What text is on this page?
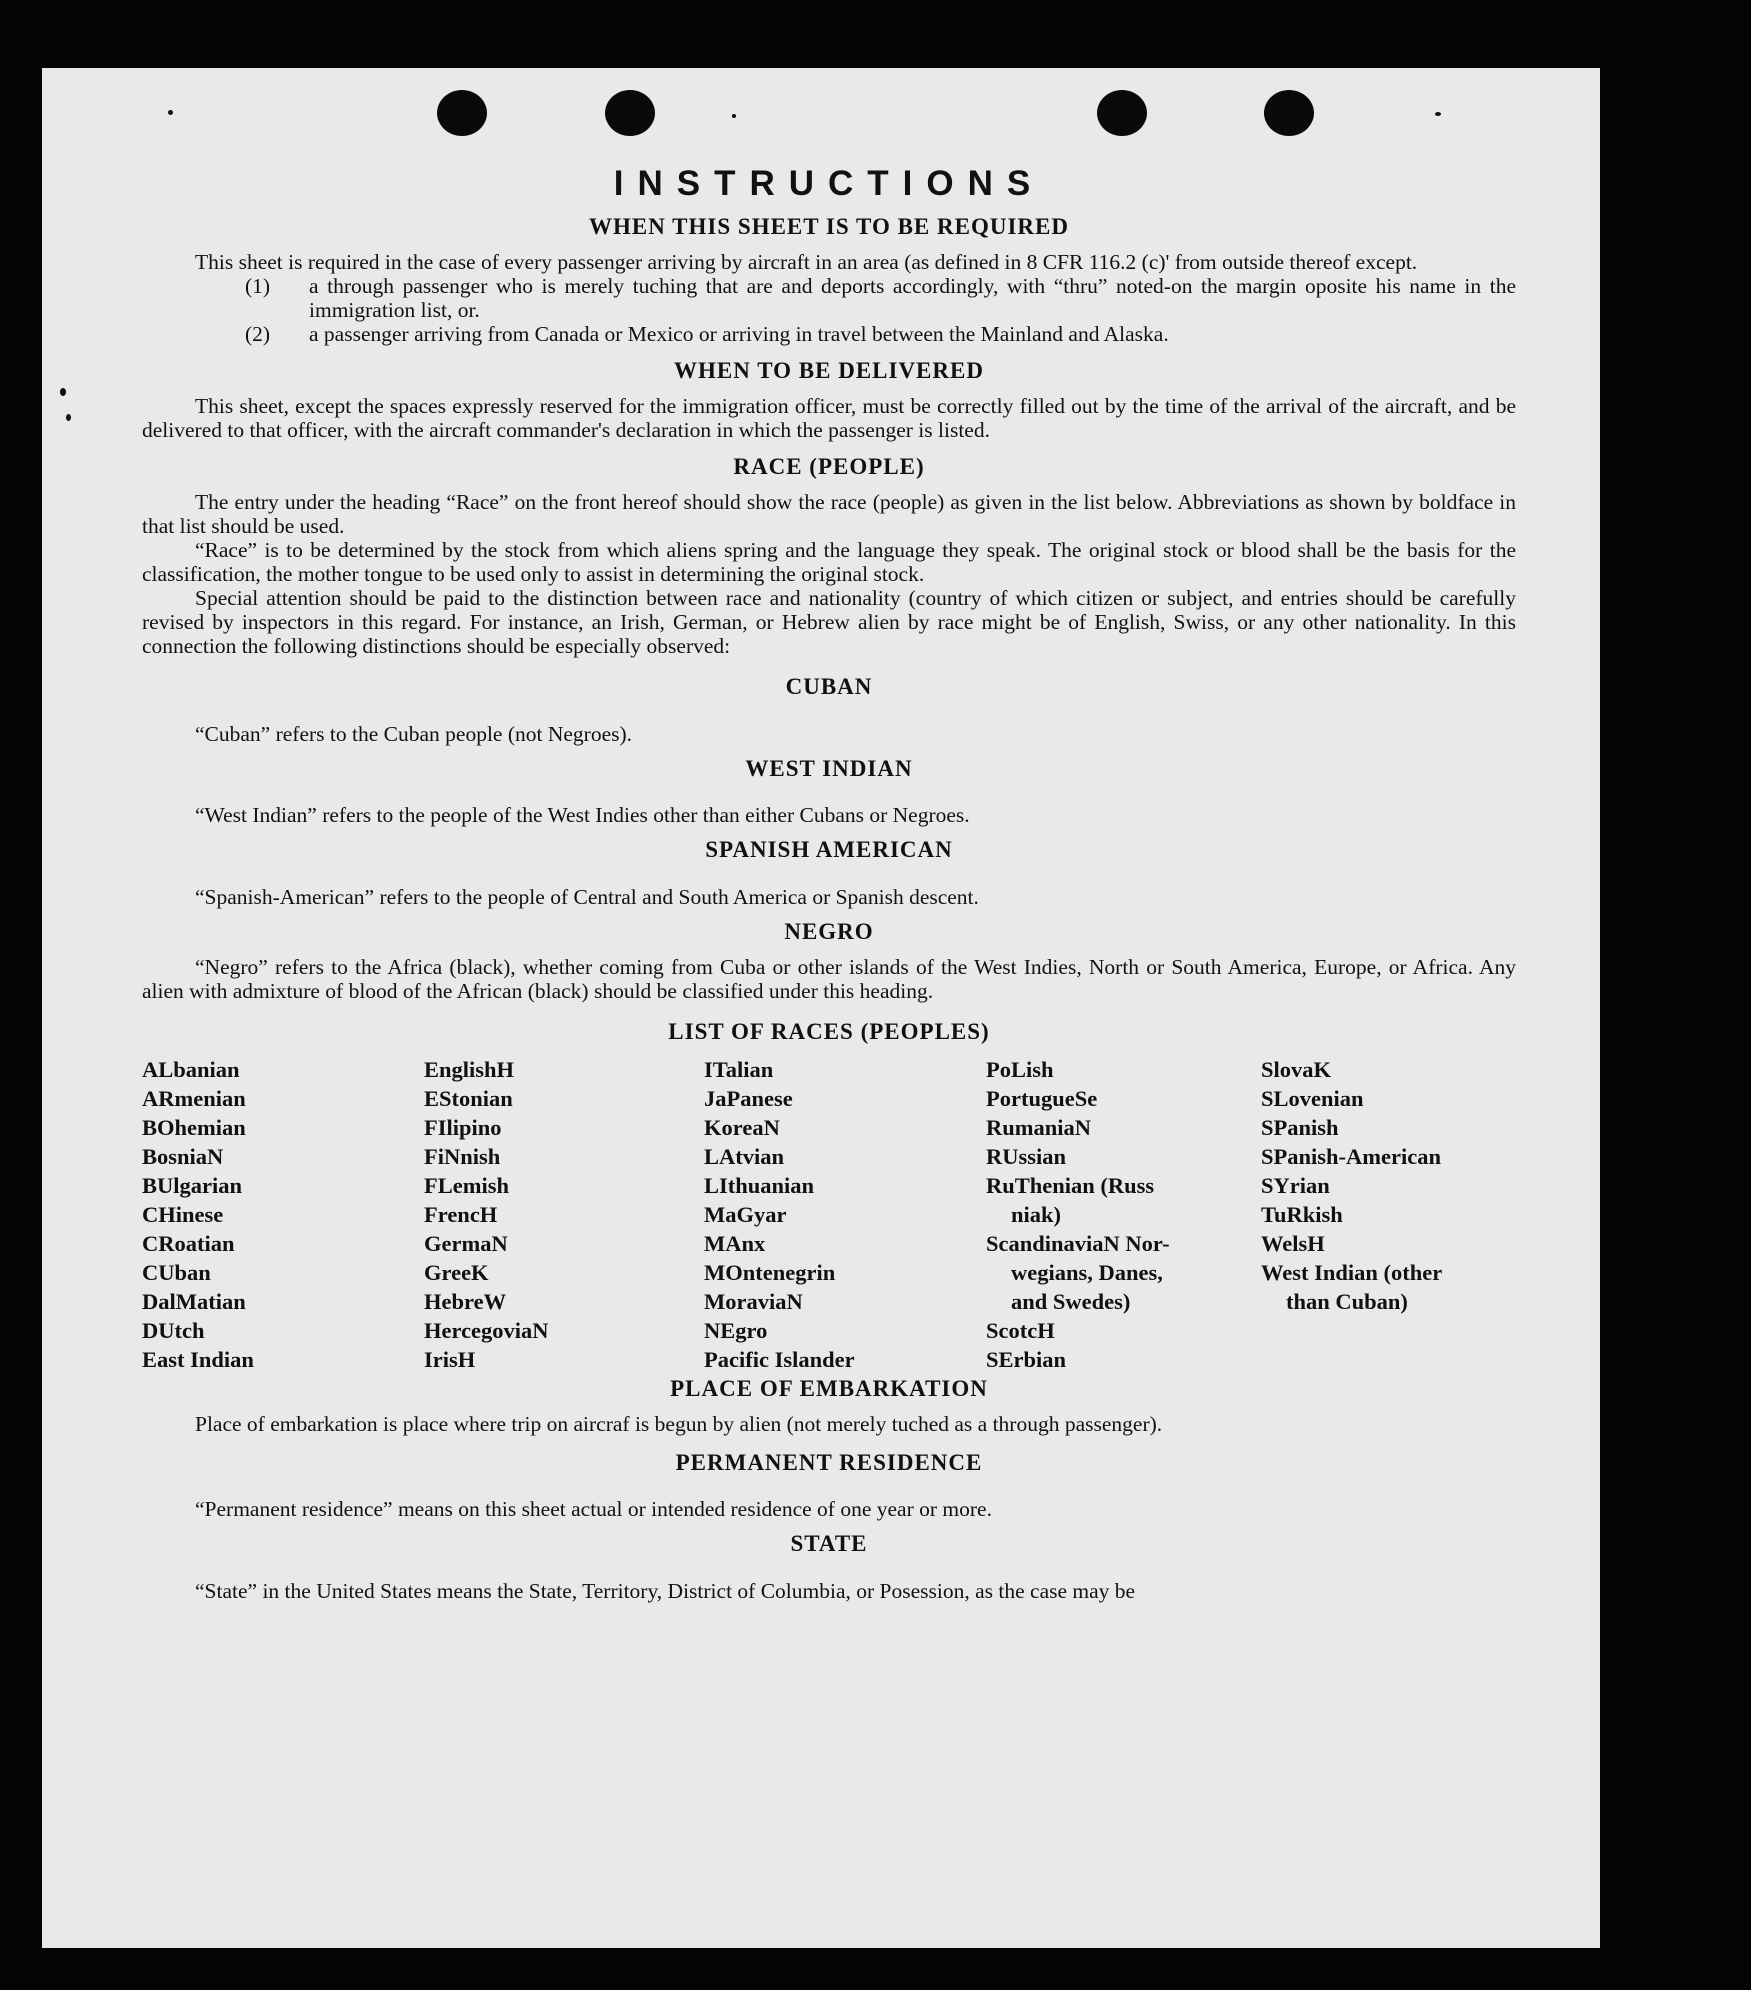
INSTRUCTIONS
WHEN THIS SHEET IS TO BE REQUIRED

This sheet is required in the case of every passenger arriving by aircraft in an area (as defined in 8 CFR 116.2 (c)' from outside thereof except.

(1)	a through passenger who is merely tuching that are and deports accordingly, with “thru” noted-on the margin oposite his name in the immigration list, or.
(2)	a passenger arriving from Canada or Mexico or arriving in travel between the Mainland and Alaska.
WHEN TO BE DELIVERED

This sheet, except the spaces expressly reserved for the immigration officer, must be correctly filled out by the time of the arrival of the aircraft, and be delivered to that officer, with the aircraft commander's declaration in which the passenger is listed.

RACE (PEOPLE)

The entry under the heading “Race” on the front hereof should show the race (people) as given in the list below. Abbreviations as shown by boldface in that list should be used.

“Race” is to be determined by the stock from which aliens spring and the language they speak. The original stock or blood shall be the basis for the classification, the mother tongue to be used only to assist in determining the original stock.

Special attention should be paid to the distinction between race and nationality (country of which citizen or subject, and entries should be carefully revised by inspectors in this regard. For instance, an Irish, German, or Hebrew alien by race might be of English, Swiss, or any other nationality. In this connection the following distinctions should be especially observed:

CUBAN

“Cuban” refers to the Cuban people (not Negroes).

WEST INDIAN

“West Indian” refers to the people of the West Indies other than either Cubans or Negroes.

SPANISH AMERICAN

“Spanish-American” refers to the people of Central and South America or Spanish descent.

NEGRO

“Negro” refers to the Africa (black), whether coming from Cuba or other islands of the West Indies, North or South America, Europe, or Africa. Any alien with admixture of blood of the African (black) should be classified under this heading.

LIST OF RACES (PEOPLES)
ALbanian
ARmenian
BOhemian
BosniaN
BUlgarian
CHinese
CRoatian
CUban
DalMatian
DUtch
East Indian
EnglishH
EStonian
FIlipino
FiNnish
FLemish
FrencH
GermaN
GreeK
HebreW
HercegoviaN
IrisH
ITalian
JaPanese
KoreaN
LAtvian
LIthuanian
MaGyar
MAnx
MOntenegrin
MoraviaN
NEgro
Pacific Islander
PoLish
PortugueSe
RumaniaN
RUssian
RuThenian (Russ
niak)
ScandinaviaN Nor-
wegians, Danes,
and Swedes)
ScotcH
SErbian
SlovaK
SLovenian
SPanish
SPanish-American
SYrian
TuRkish
WelsH
West Indian (other
than Cuban)
PLACE OF EMBARKATION

Place of embarkation is place where trip on aircraf is begun by alien (not merely tuched as a through passenger).

PERMANENT RESIDENCE

“Permanent residence” means on this sheet actual or intended residence of one year or more.

STATE

“State” in the United States means the State, Territory, District of Columbia, or Posession, as the case may be
